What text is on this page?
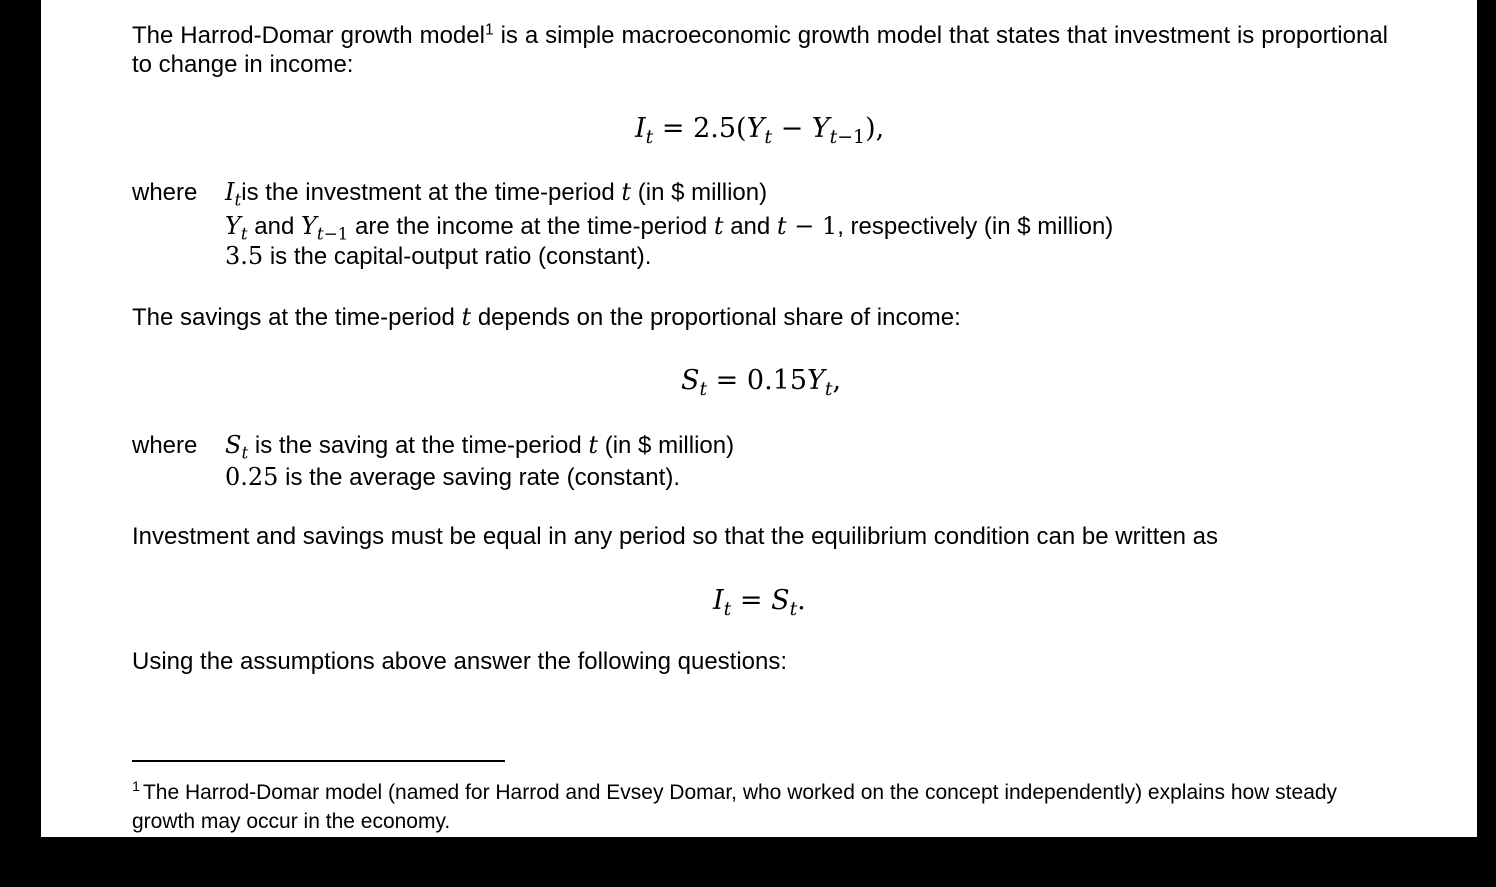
The Harrod-Domar growth model$^1$ is a simple macroeconomic growth model that states that investment is proportional to change in income:

$I_t = 2.5(Y_t - Y_{t-1})$,
where $I_tis$ the investment at the time-period t (in $ million)
$Y_t$ and $Y_{t-1}$ are the income at the time-period t and t − 1, respectively (in $ million)
3.5 is the capital-output ratio (constant).
The savings at the time-period t depends on the proportional share of income:
$S_t = 0.15Y_t$,
where $S_t$ is the saving at the time-period t (in $ million)
0.25 is the average saving rate (constant).
Investment and savings must be equal in any period so that the equilibrium condition can be written as
$I_t = S_t$.
Using the assumptions above answer the following questions:
$^1$ The Harrod-Domar model (named for Harrod and Evsey Domar, who worked on the concept independently) explains how steady growth may occur in the economy.
